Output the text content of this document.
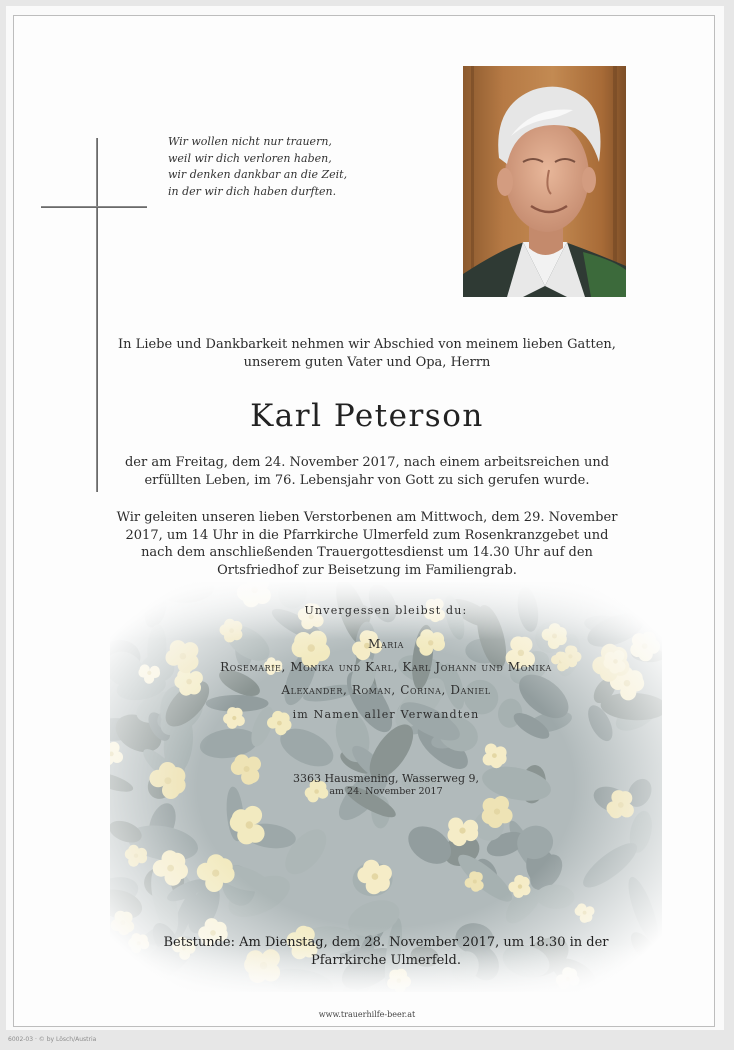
Wir wollen nicht nur trauern,
weil wir dich verloren haben,
wir denken dankbar an die Zeit,
in der wir dich haben durften.
In Liebe und Dankbarkeit nehmen wir Abschied von meinem lieben Gatten,
unserem guten Vater und Opa, Herrn
Karl Peterson
der am Freitag, dem 24. November 2017, nach einem arbeitsreichen und
erfüllten Leben, im 76. Lebensjahr von Gott zu sich gerufen wurde.
Wir geleiten unseren lieben Verstorbenen am Mittwoch, dem 29. November
2017, um 14 Uhr in die Pfarrkirche Ulmerfeld zum Rosenkranzgebet und
nach dem anschließenden Trauergottesdienst um 14.30 Uhr auf den
Ortsfriedhof zur Beisetzung im Familiengrab.
Unvergessen bleibst du:
Maria
Rosemarie, Monika und Karl, Karl Johann und Monika
Alexander, Roman, Corina, Daniel
im Namen aller Verwandten
3363 Hausmening, Wasserweg 9,
am 24. November 2017
Betstunde: Am Dienstag, dem 28. November 2017, um 18.30 in der
Pfarrkirche Ulmerfeld.
www.trauerhilfe-beer.at
6002-03 · © by Lösch/Austria
